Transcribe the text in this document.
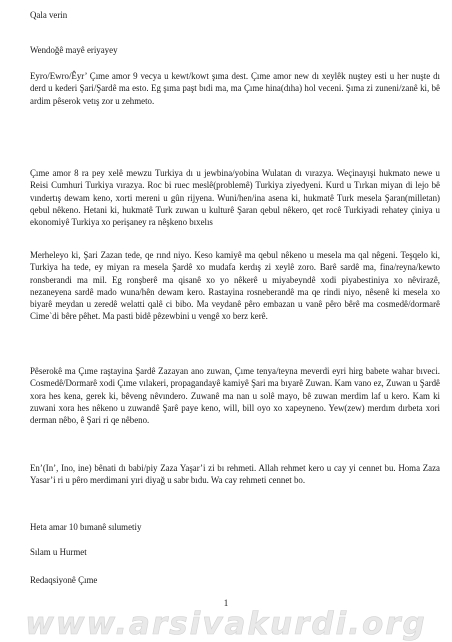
Qala verin

Wendoğê mayê eriyayey

Eyro/Ewro/Êyr’ Çıme amor 9 vecya u kewt/kowt şıma dest. Çıme amor new dı xeylêk nuştey esti u her nuşte dı derd u kederi Şari/Şardê ma esto. Eg şıma paşt bıdi ma, ma Çıme hina(dıha) hol veceni. Şıma zi zuneni/zanê ki, bê ardim pêserok vetış zor u zehmeto.

Çıme amor 8 ra pey xelê mewzu Turkiya dı u jewbina/yobina Wulatan dı vırazya. Weçinayışi hukmato newe u Reisi Cumhuri Turkiya vırazya. Roc bi ruec meslê(problemê) Turkiya ziyedyeni. Kurd u Tırkan miyan di lejo bê vındertış dewam keno, xorti mereni u gûn rijyena. Wuni/hen/ina asena ki, hukmatê Turk mesela Şaran(milletan) qebul nêkeno. Hetani ki, hukmatê Turk zuwan u kulturê Şaran qebul nêkero, qet rocê Turkiyadi rehatey çiniya u ekonomiyê Turkiya xo perişaney ra nêşkeno bıxelıs

Merheleyo ki, Şari Zazan tede, qe rınd niyo. Keso kamiyê ma qebul nêkeno u mesela ma qal nêgeni. Teşqelo ki, Turkiya ha tede, ey miyan ra mesela Şardê xo mudafa kerdış zi xeylê zoro. Barê sardê ma, fina/reyna/kewto ronsberandi ma mil. Eg ronşberê ma qisanê xo yo nêkerê u miyabeyndê xodi piyabestiniya xo nêvirazê, nezaneyena sardê mado wuna/hên dewam kero. Rastayina rosneberandê ma qe rindi niyo, nêsenê ki mesela xo biyarê meydan u zeredê welatti qalê ci bibo. Ma veydanê pêro embazan u vanê pêro bêrê ma cosmedê/dormarê Cime`di bêre pêhet. Ma pasti bidê pêzewbini u vengê xo berz kerê.

Pêserokê ma Çıme raştayina Şardê Zazayan ano zuwan, Çıme tenya/teyna meverdi eyri hirg babete wahar bıveci. Cosmedê/Dormarê xodi Çıme vılakeri, propagandayê kamiyê Şari ma bıyarê Zuwan. Kam vano ez, Zuwan u Şardê xora hes kena, gerek ki, bêveng nêvındero. Zuwanê ma nan u solê mayo, bê zuwan merdim laf u kero. Kam ki zuwani xora hes nêkeno u zuwandê Şarê paye keno, will, bill oyo xo xapeyneno. Yew(zew) merdım dırbeta xori derman nêbo, ê Şari ri qe nêbeno.

En’(In’, Ino, ine) bênati dı babi/piy Zaza Yaşar’i zi bı rehmeti. Allah rehmet kero u cay yi cennet bu. Homa Zaza Yasar’i ri u pêro merdimani yıri diyağ u sabr bıdu. Wa cay rehmeti cennet bo.

Heta amar 10 bımanê sılumetiy

Sılam u Hurmet

Redaqsiyonê Çıme

1
www.arsivakurdi.org
